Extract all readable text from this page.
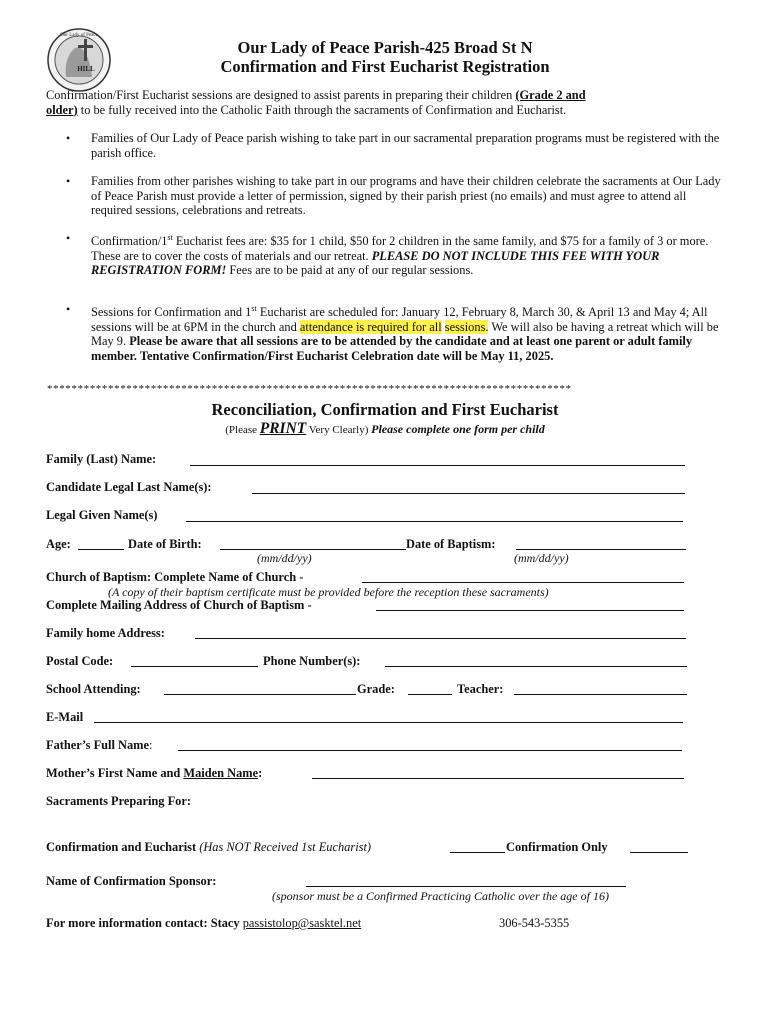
Our Lady of Peace
HILL
Our Lady of Peace Parish-425 Broad St N
Confirmation and First Eucharist Registration
Confirmation/First Eucharist sessions are designed to assist parents in preparing their children (Grade 2 and
older) to be fully received into the Catholic Faith through the sacraments of Confirmation and Eucharist.
• Families of Our Lady of Peace parish wishing to take part in our sacramental preparation programs must be registered with the parish office.
• Families from other parishes wishing to take part in our programs and have their children celebrate the sacraments at Our Lady of Peace Parish must provide a letter of permission, signed by their parish priest (no emails) and must agree to attend all required sessions, celebrations and retreats.
• Confirmation/1st Eucharist fees are: $35 for 1 child, $50 for 2 children in the same family, and $75 for a family of 3 or more. These are to cover the costs of materials and our retreat. PLEASE DO NOT INCLUDE THIS FEE WITH YOUR REGISTRATION FORM! Fees are to be paid at any of our regular sessions.
• Sessions for Confirmation and 1st Eucharist are scheduled for: January 12, February 8, March 30, & April 13 and May 4; All sessions will be at 6PM in the church and attendance is required for all sessions. We will also be having a retreat which will be May 9. Please be aware that all sessions are to be attended by the candidate and at least one parent or adult family member. Tentative Confirmation/First Eucharist Celebration date will be May 11, 2025.
**************************************************************************************
Reconciliation, Confirmation and First Eucharist
(Please PRINT Very Clearly) Please complete one form per child
Family (Last) Name:
Candidate Legal Last Name(s):
Legal Given Name(s)
Age:	Date of Birth:	Date of Baptism:
(mm/dd/yy)	(mm/dd/yy)
Church of Baptism: Complete Name of Church -
(A copy of their baptism certificate must be provided before the reception these sacraments)
Complete Mailing Address of Church of Baptism -
Family home Address:
Postal Code:	Phone Number(s):
School Attending:	Grade:	Teacher:
E-Mail
Father’s Full Name:
Mother’s First Name and Maiden Name:
Sacraments Preparing For:
Confirmation and Eucharist (Has NOT Received 1st Eucharist)	Confirmation Only
Name of Confirmation Sponsor:
(sponsor must be a Confirmed Practicing Catholic over the age of 16)
For more information contact: Stacy passistolop@sasktel.net	306-543-5355
